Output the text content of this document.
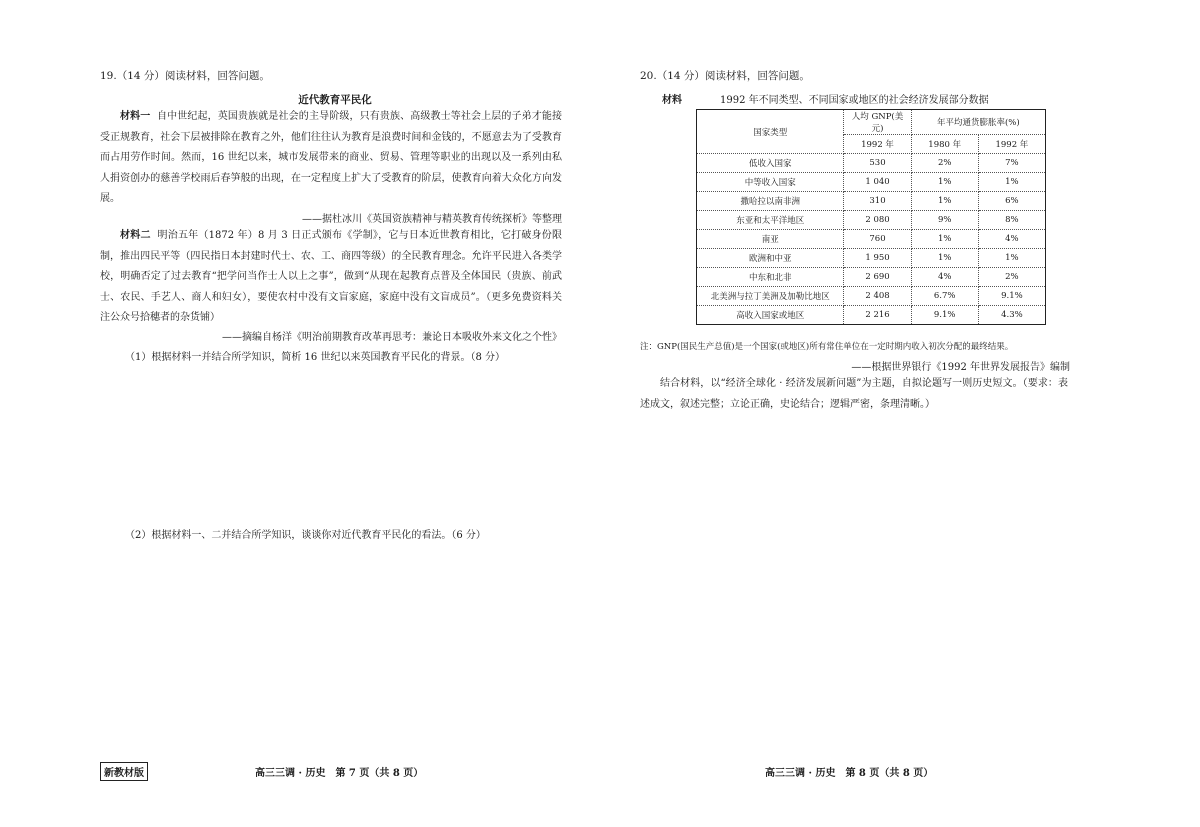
19.（14 分）阅读材料，回答问题。
近代教育平民化
材料一 自中世纪起，英国贵族就是社会的主导阶级，只有贵族、高级教士等社会上层的子弟才能接受正规教育，社会下层被排除在教育之外，他们往往认为教育是浪费时间和金钱的，不愿意去为了受教育而占用劳作时间。然而，16 世纪以来，城市发展带来的商业、贸易、管理等职业的出现以及一系列由私人捐资创办的慈善学校雨后春笋般的出现，在一定程度上扩大了受教育的阶层，使教育向着大众化方向发展。
——据杜冰川《英国资族精神与精英教育传统探析》等整理
材料二 明治五年（1872 年）8 月 3 日正式颁布《学制》，它与日本近世教育相比，它打破身份限制，推出四民平等（四民指日本封建时代士、农、工、商四等级）的全民教育理念。允许平民进入各类学校，明确否定了过去教育“把学问当作士人以上之事”，做到“从现在起教育点普及全体国民（贵族、前武士、农民、手艺人、商人和妇女），要使农村中没有文盲家庭，家庭中没有文盲成员”。（更多免费资料关注公众号拾穗者的杂货铺）
——摘编自杨洋《明治前期教育改革再思考：兼论日本吸收外来文化之个性》
（1）根据材料一并结合所学知识，简析 16 世纪以来英国教育平民化的背景。（8 分）
（2）根据材料一、二并结合所学知识，谈谈你对近代教育平民化的看法。（6 分）
新教材版	高三三调 · 历史　第 7 页（共 8 页）
20.（14 分）阅读材料，回答问题。
材料	1992 年不同类型、不同国家或地区的社会经济发展部分数据
国家类型	人均 GNP(美元)	年平均通货膨胀率(%)	
	1992 年	1980 年	1992 年
低收入国家	530	2%	7%
中等收入国家	1 040	1%	1%
撒哈拉以南非洲	310	1%	6%
东亚和太平洋地区	2 080	9%	8%
南亚	760	1%	4%
欧洲和中亚	1 950	1%	1%
中东和北非	2 690	4%	2%
北美洲与拉丁美洲及加勒比地区	2 408	6.7%	9.1%
高收入国家或地区	2 216	9.1%	4.3%
注：GNP(国民生产总值)是一个国家(或地区)所有常住单位在一定时期内收入初次分配的最终结果。
——根据世界银行《1992 年世界发展报告》编制
结合材料，以“经济全球化 · 经济发展新问题”为主题，自拟论题写一则历史短文。（要求：表述成文，叙述完整；立论正确，史论结合；逻辑严密，条理清晰。）
高三三调 · 历史　第 8 页（共 8 页）
